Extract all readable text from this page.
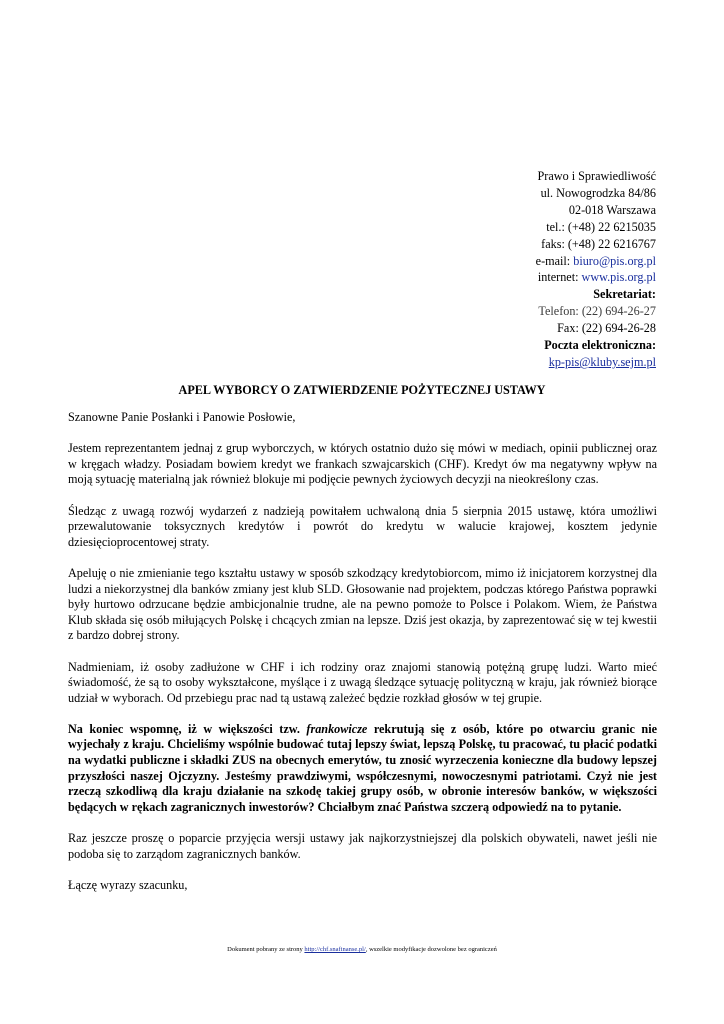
Prawo i Sprawiedliwość
ul. Nowogrodzka 84/86
02-018 Warszawa
tel.: (+48) 22 6215035
faks: (+48) 22 6216767
e-mail: biuro@pis.org.pl
internet: www.pis.org.pl
Sekretariat:
Telefon: (22) 694-26-27
Fax: (22) 694-26-28
Poczta elektroniczna:
kp-pis@kluby.sejm.pl
APEL WYBORCY O ZATWIERDZENIE POŻYTECZNEJ USTAWY

Szanowne Panie Posłanki i Panowie Posłowie,

Jestem reprezentantem jednaj z grup wyborczych, w których ostatnio dużo się mówi w mediach, opinii publicznej oraz w kręgach władzy. Posiadam bowiem kredyt we frankach szwajcarskich (CHF). Kredyt ów ma negatywny wpływ na moją sytuację materialną jak również blokuje mi podjęcie pewnych życiowych decyzji na nieokreślony czas.

Śledząc z uwagą rozwój wydarzeń z nadzieją powitałem uchwaloną dnia 5 sierpnia 2015 ustawę, która umożliwi przewalutowanie toksycznych kredytów i powrót do kredytu w walucie krajowej, kosztem jedynie dziesięcioprocentowej straty.

Apeluję o nie zmienianie tego kształtu ustawy w sposób szkodzący kredytobiorcom, mimo iż inicjatorem korzystnej dla ludzi a niekorzystnej dla banków zmiany jest klub SLD. Głosowanie nad projektem, podczas którego Państwa poprawki były hurtowo odrzucane będzie ambicjonalnie trudne, ale na pewno pomoże to Polsce i Polakom. Wiem, że Państwa Klub składa się osób miłujących Polskę i chcących zmian na lepsze. Dziś jest okazja, by zaprezentować się w tej kwestii z bardzo dobrej strony.

Nadmieniam, iż osoby zadłużone w CHF i ich rodziny oraz znajomi stanowią potężną grupę ludzi. Warto mieć świadomość, że są to osoby wykształcone, myślące i z uwagą śledzące sytuację polityczną w kraju, jak również biorące udział w wyborach. Od przebiegu prac nad tą ustawą zależeć będzie rozkład głosów w tej grupie.

Na koniec wspomnę, iż w większości tzw. frankowicze rekrutują się z osób, które po otwarciu granic nie wyjechały z kraju. Chcieliśmy wspólnie budować tutaj lepszy świat, lepszą Polskę, tu pracować, tu płacić podatki na wydatki publiczne i składki ZUS na obecnych emerytów, tu znosić wyrzeczenia konieczne dla budowy lepszej przyszłości naszej Ojczyzny. Jesteśmy prawdziwymi, współczesnymi, nowoczesnymi patriotami. Czyż nie jest rzeczą szkodliwą dla kraju działanie na szkodę takiej grupy osób, w obronie interesów banków, w większości będących w rękach zagranicznych inwestorów? Chciałbym znać Państwa szczerą odpowiedź na to pytanie.

Raz jeszcze proszę o poparcie przyjęcia wersji ustawy jak najkorzystniejszej dla polskich obywateli, nawet jeśli nie podoba się to zarządom zagranicznych banków.

Łączę wyrazy szacunku,

Dokument pobrany ze strony http://chf.snafinanse.pl/, wszelkie modyfikacje dozwolone bez ograniczeń
